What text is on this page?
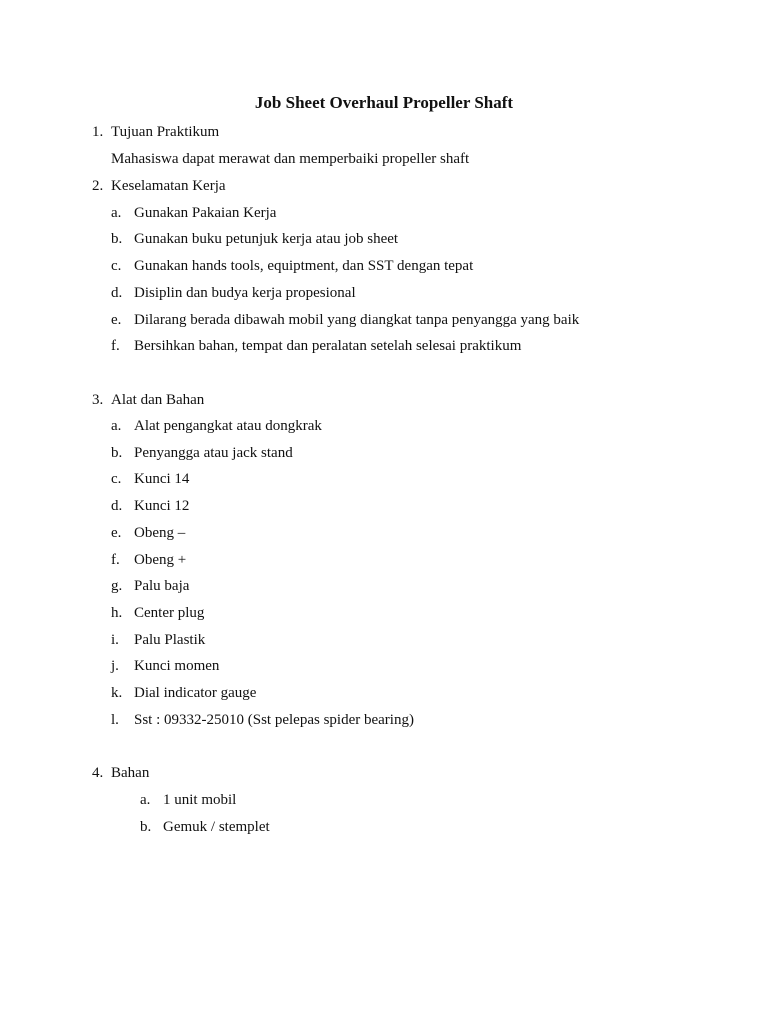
Job Sheet Overhaul Propeller Shaft
1. Tujuan Praktikum
Mahasiswa dapat merawat dan memperbaiki propeller shaft
2. Keselamatan Kerja
a. Gunakan Pakaian Kerja
b. Gunakan buku petunjuk kerja atau job sheet
c. Gunakan hands tools, equiptment, dan SST dengan tepat
d. Disiplin dan budya kerja propesional
e. Dilarang berada dibawah mobil yang diangkat tanpa penyangga yang baik
f. Bersihkan bahan, tempat dan peralatan setelah selesai praktikum
3. Alat dan Bahan
a. Alat pengangkat atau dongkrak
b. Penyangga atau jack stand
c. Kunci 14
d. Kunci 12
e. Obeng –
f. Obeng +
g. Palu baja
h. Center plug
i. Palu Plastik
j. Kunci momen
k. Dial indicator gauge
l. Sst : 09332-25010 (Sst pelepas spider bearing)
4. Bahan
a. 1 unit mobil
b. Gemuk / stemplet
